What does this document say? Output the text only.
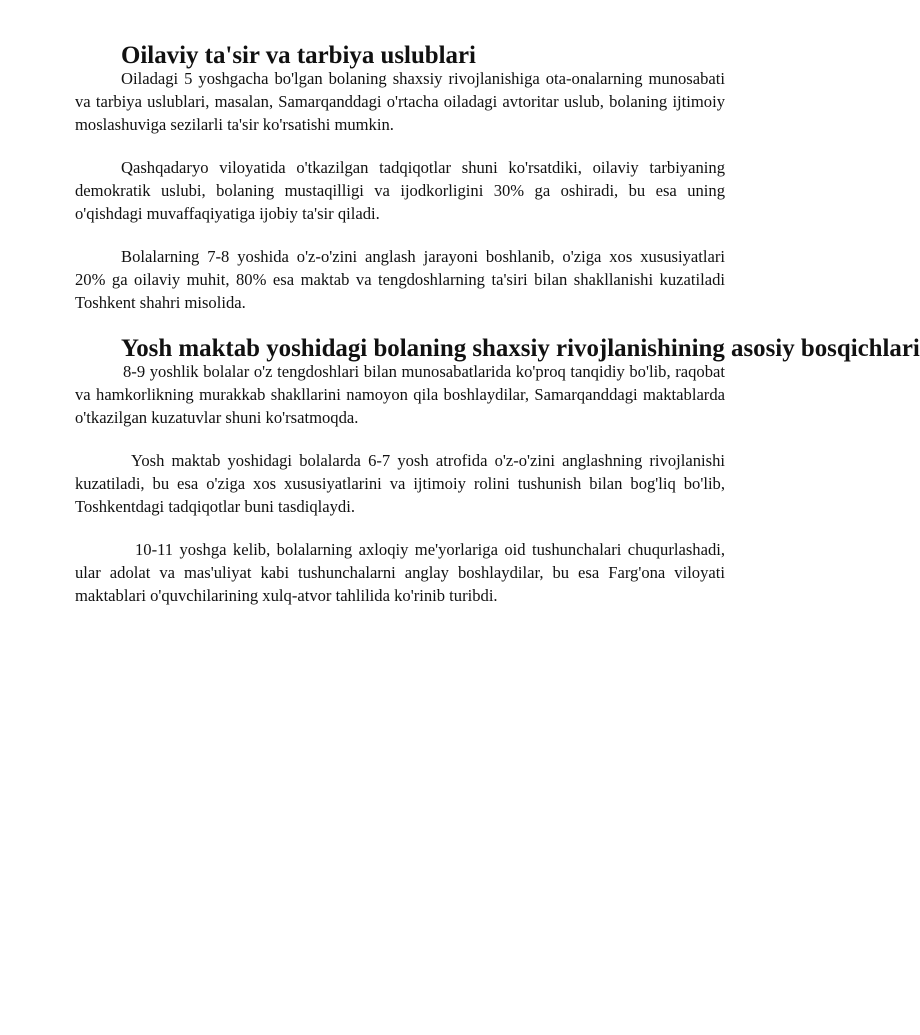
Oilaviy ta'sir va tarbiya uslublari

Oiladagi 5 yoshgacha bo'lgan bolaning shaxsiy rivojlanishiga ota-onalarning munosabati va tarbiya uslublari, masalan, Samarqanddagi o'rtacha oiladagi avtoritar uslub, bolaning ijtimoiy moslashuviga sezilarli ta'sir ko'rsatishi mumkin.

Qashqadaryo viloyatida o'tkazilgan tadqiqotlar shuni ko'rsatdiki, oilaviy tarbiyaning demokratik uslubi, bolaning mustaqilligi va ijodkorligini 30% ga oshiradi, bu esa uning o'qishdagi muvaffaqiyatiga ijobiy ta'sir qiladi.

Bolalarning 7-8 yoshida o'z-o'zini anglash jarayoni boshlanib, o'ziga xos xususiyatlari 20% ga oilaviy muhit, 80% esa maktab va tengdoshlarning ta'siri bilan shakllanishi kuzatiladi Toshkent shahri misolida.

Yosh maktab yoshidagi bolaning shaxsiy rivojlanishining asosiy bosqichlari

8-9 yoshlik bolalar o'z tengdoshlari bilan munosabatlarida ko'proq tanqidiy bo'lib, raqobat va hamkorlikning murakkab shakllarini namoyon qila boshlaydilar, Samarqanddagi maktablarda o'tkazilgan kuzatuvlar shuni ko'rsatmoqda.

Yosh maktab yoshidagi bolalarda 6-7 yosh atrofida o'z-o'zini anglashning rivojlanishi kuzatiladi, bu esa o'ziga xos xususiyatlarini va ijtimoiy rolini tushunish bilan bog'liq bo'lib, Toshkentdagi tadqiqotlar buni tasdiqlaydi.

10-11 yoshga kelib, bolalarning axloqiy me'yorlariga oid tushunchalari chuqurlashadi, ular adolat va mas'uliyat kabi tushunchalarni anglay boshlaydilar, bu esa Farg'ona viloyati maktablari o'quvchilarining xulq-atvor tahlilida ko'rinib turibdi.
